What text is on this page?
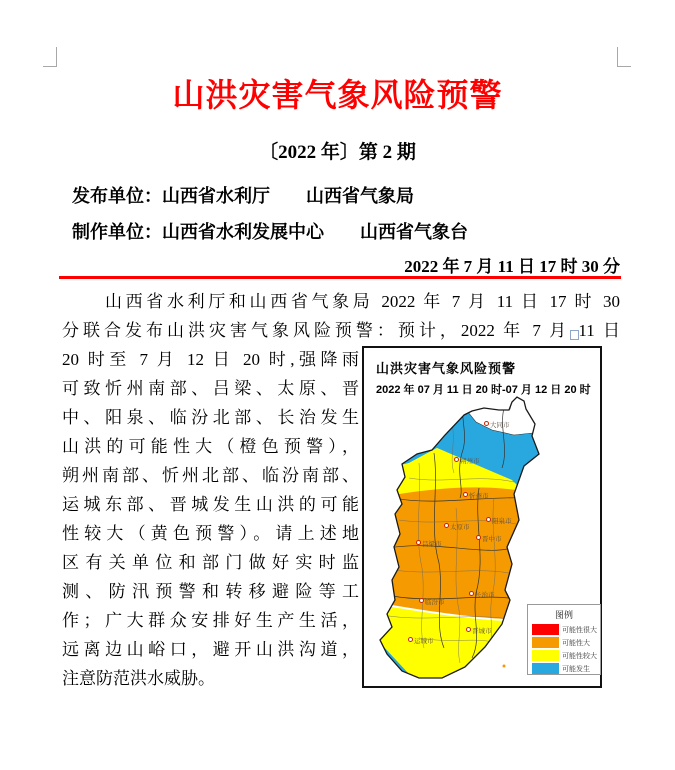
山洪灾害气象风险预警
〔2022 年〕第 2 期
发布单位：山西省水利厅　　山西省气象局
制作单位：山西省水利发展中心　　山西省气象台
2022 年 7 月 11 日 17 时 30 分
山西省水利厅和山西省气象局 2022 年 7 月 11 日 17 时 30
分联合发布山洪灾害气象风险预警：预计，2022 年 7 月 11 日
20 时至 7 月 12 日 20 时,强降雨
可致忻州南部、吕梁、太原、晋
中、阳泉、临汾北部、长治发生
山洪的可能性大（橙色预警），
朔州南部、忻州北部、临汾南部、
运城东部、晋城发生山洪的可能
性较大（黄色预警）。请上述地
区有关单位和部门做好实时监
测、防汛预警和转移避险等工
作；广大群众安排好生产生活，
远离边山峪口，避开山洪沟道，
注意防范洪水威胁。
山洪灾害气象风险预警
2022 年 07 月 11 日 20 时-07 月 12 日 20 时
大同市
朔州市
忻州市
阳泉市
太原市
晋中市
吕梁市
长治市
临汾市
晋城市
运城市
图例
可能性很大
可能性大
可能性较大
可能发生
